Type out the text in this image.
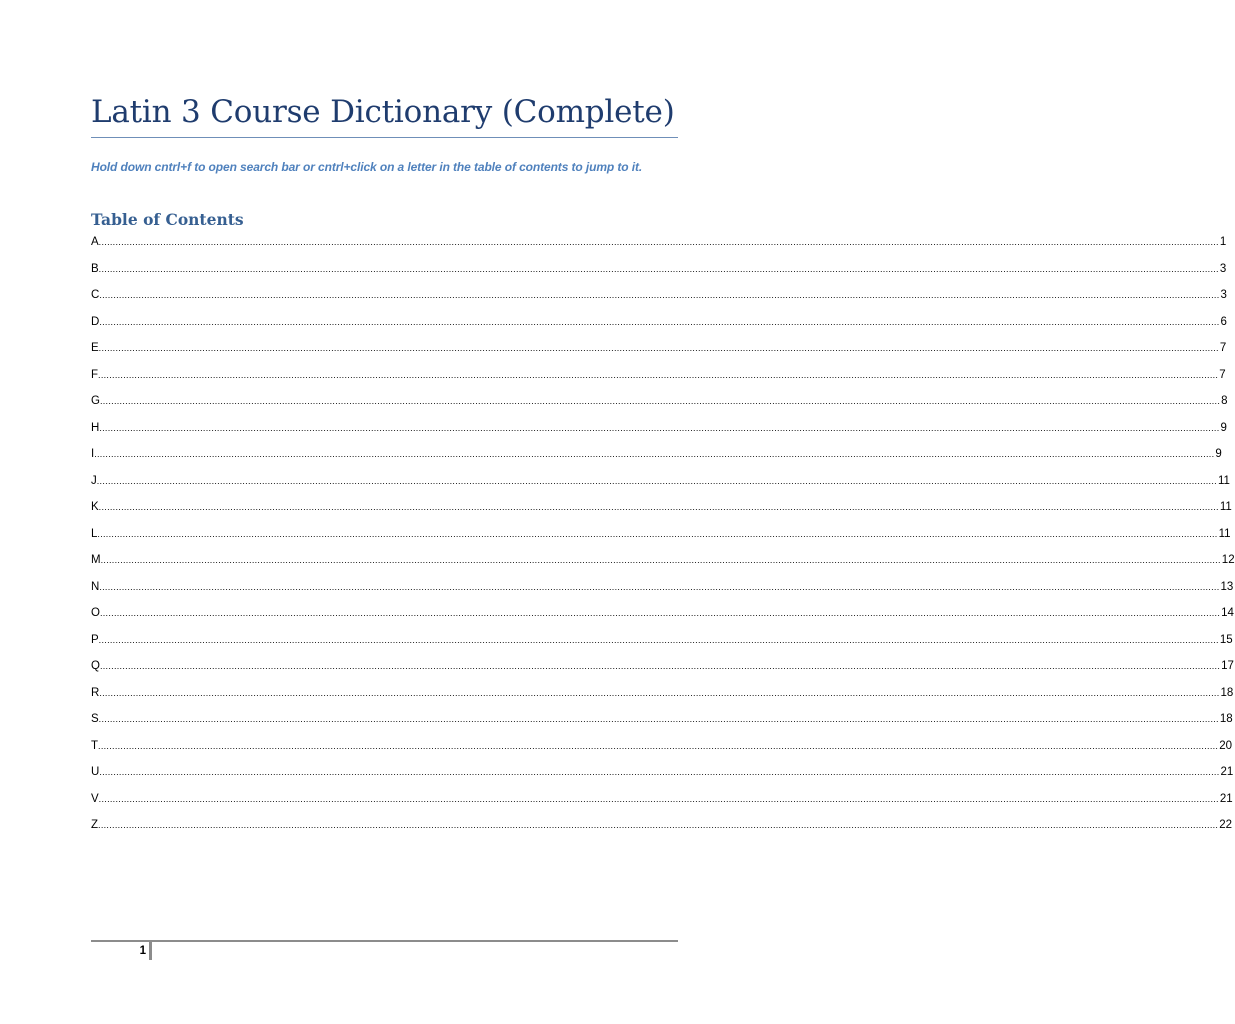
Latin 3 Course Dictionary (Complete)
Hold down cntrl+f to open search bar or cntrl+click on a letter in the table of contents to jump to it.
Table of Contents
A ................................................................................................................................................................................................................................................................................................................................................................................................................ 1
B ................................................................................................................................................................................................................................................................................................................................................................................................................ 3
C ................................................................................................................................................................................................................................................................................................................................................................................................................ 3
D ................................................................................................................................................................................................................................................................................................................................................................................................................ 6
E ................................................................................................................................................................................................................................................................................................................................................................................................................ 7
F ................................................................................................................................................................................................................................................................................................................................................................................................................ 7
G ................................................................................................................................................................................................................................................................................................................................................................................................................ 8
H ................................................................................................................................................................................................................................................................................................................................................................................................................ 9
I ................................................................................................................................................................................................................................................................................................................................................................................................................ 9
J ................................................................................................................................................................................................................................................................................................................................................................................................................ 11
K ................................................................................................................................................................................................................................................................................................................................................................................................................ 11
L ................................................................................................................................................................................................................................................................................................................................................................................................................ 11
M ................................................................................................................................................................................................................................................................................................................................................................................................................ 12
N ................................................................................................................................................................................................................................................................................................................................................................................................................ 13
O ................................................................................................................................................................................................................................................................................................................................................................................................................ 14
P ................................................................................................................................................................................................................................................................................................................................................................................................................ 15
Q ................................................................................................................................................................................................................................................................................................................................................................................................................ 17
R ................................................................................................................................................................................................................................................................................................................................................................................................................ 18
S ................................................................................................................................................................................................................................................................................................................................................................................................................ 18
T ................................................................................................................................................................................................................................................................................................................................................................................................................ 20
U ................................................................................................................................................................................................................................................................................................................................................................................................................ 21
V ................................................................................................................................................................................................................................................................................................................................................................................................................ 21
Z ................................................................................................................................................................................................................................................................................................................................................................................................................ 22
1
